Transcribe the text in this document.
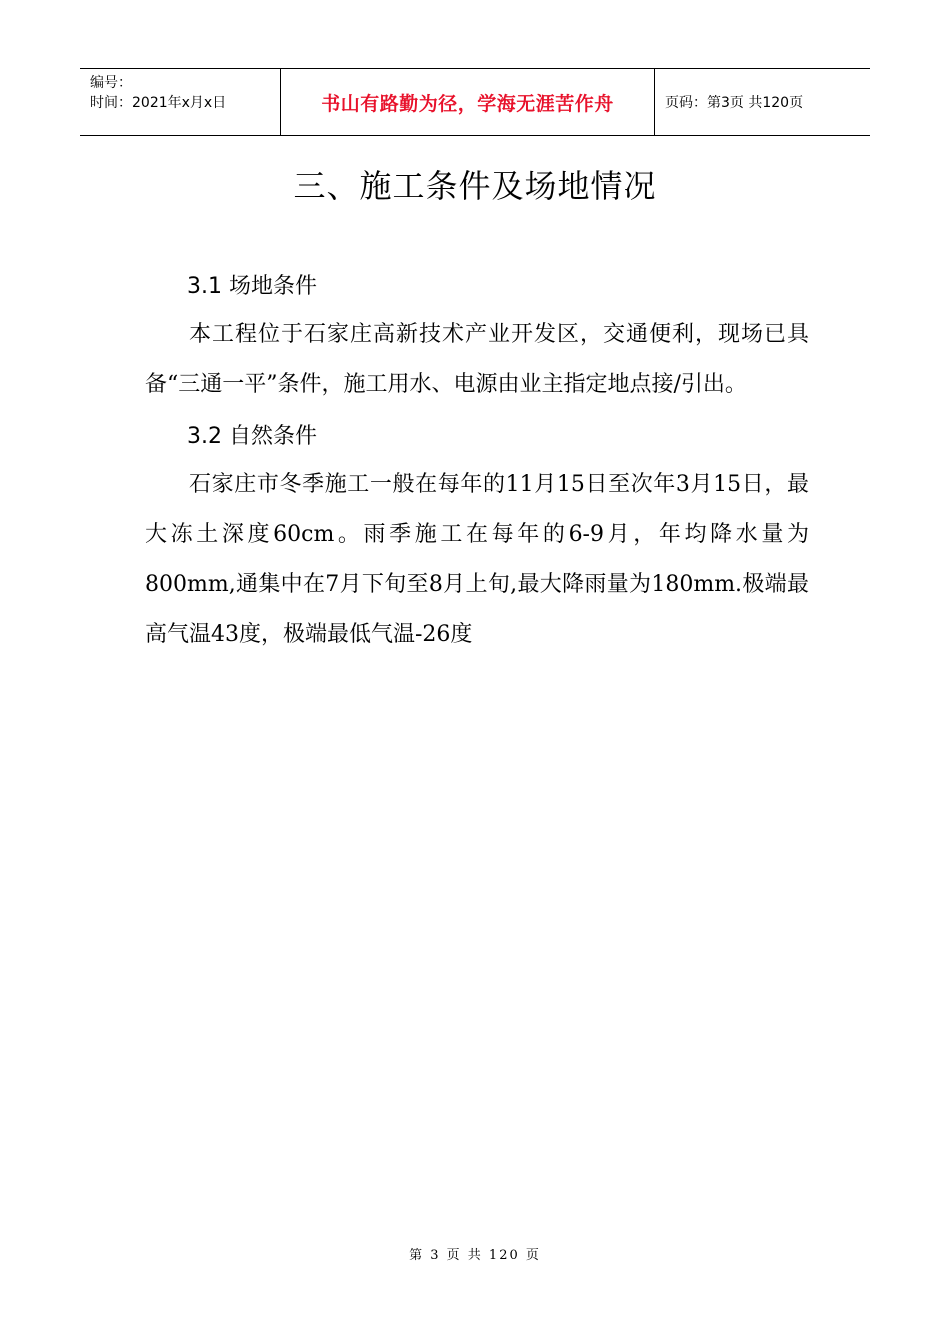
编号：
时间：2021年x月x日	书山有路勤为径，学海无涯苦作舟	页码：第3页 共120页
三、施工条件及场地情况
3.1 场地条件

本工程位于石家庄高新技术产业开发区，交通便利，现场已具备“三通一平”条件，施工用水、电源由业主指定地点接/引出。

3.2 自然条件

石家庄市冬季施工一般在每年的11月15日至次年3月15日，最大冻土深度60cm。雨季施工在每年的6-9月，年均降水量为800mm,通集中在7月下旬至8月上旬,最大降雨量为180mm.极端最高气温43度，极端最低气温-26度

第 3 页 共 120 页
